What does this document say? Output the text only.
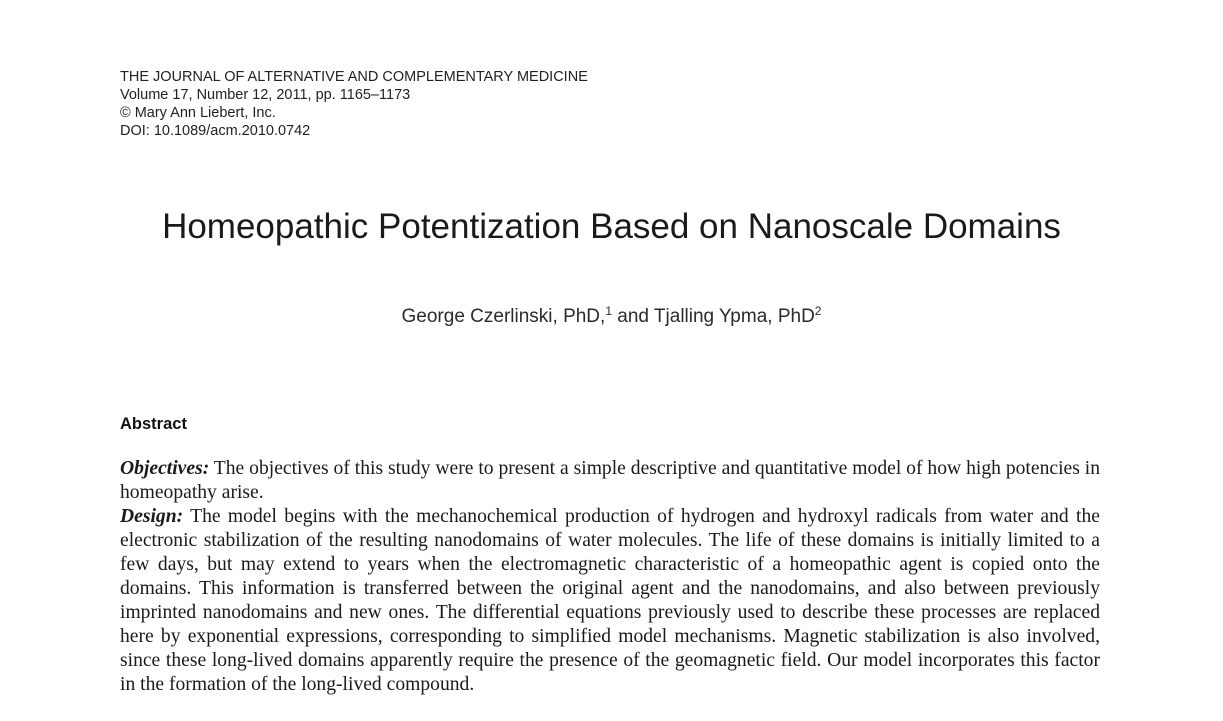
THE JOURNAL OF ALTERNATIVE AND COMPLEMENTARY MEDICINE
Volume 17, Number 12, 2011, pp. 1165–1173
© Mary Ann Liebert, Inc.
DOI: 10.1089/acm.2010.0742
Homeopathic Potentization Based on Nanoscale Domains
George Czerlinski, PhD,$^1$ and Tjalling Ypma, PhD$^2$
Abstract

Objectives: The objectives of this study were to present a simple descriptive and quantitative model of how high potencies in homeopathy arise.

Design: The model begins with the mechanochemical production of hydrogen and hydroxyl radicals from water and the electronic stabilization of the resulting nanodomains of water molecules. The life of these domains is initially limited to a few days, but may extend to years when the electromagnetic characteristic of a homeopathic agent is copied onto the domains. This information is transferred between the original agent and the nanodomains, and also between previously imprinted nanodomains and new ones. The differential equations previously used to describe these processes are replaced here by exponential expressions, corresponding to simplified model mechanisms. Magnetic stabilization is also involved, since these long-lived domains apparently require the presence of the geomagnetic field. Our model incorporates this factor in the formation of the long-lived compound.
